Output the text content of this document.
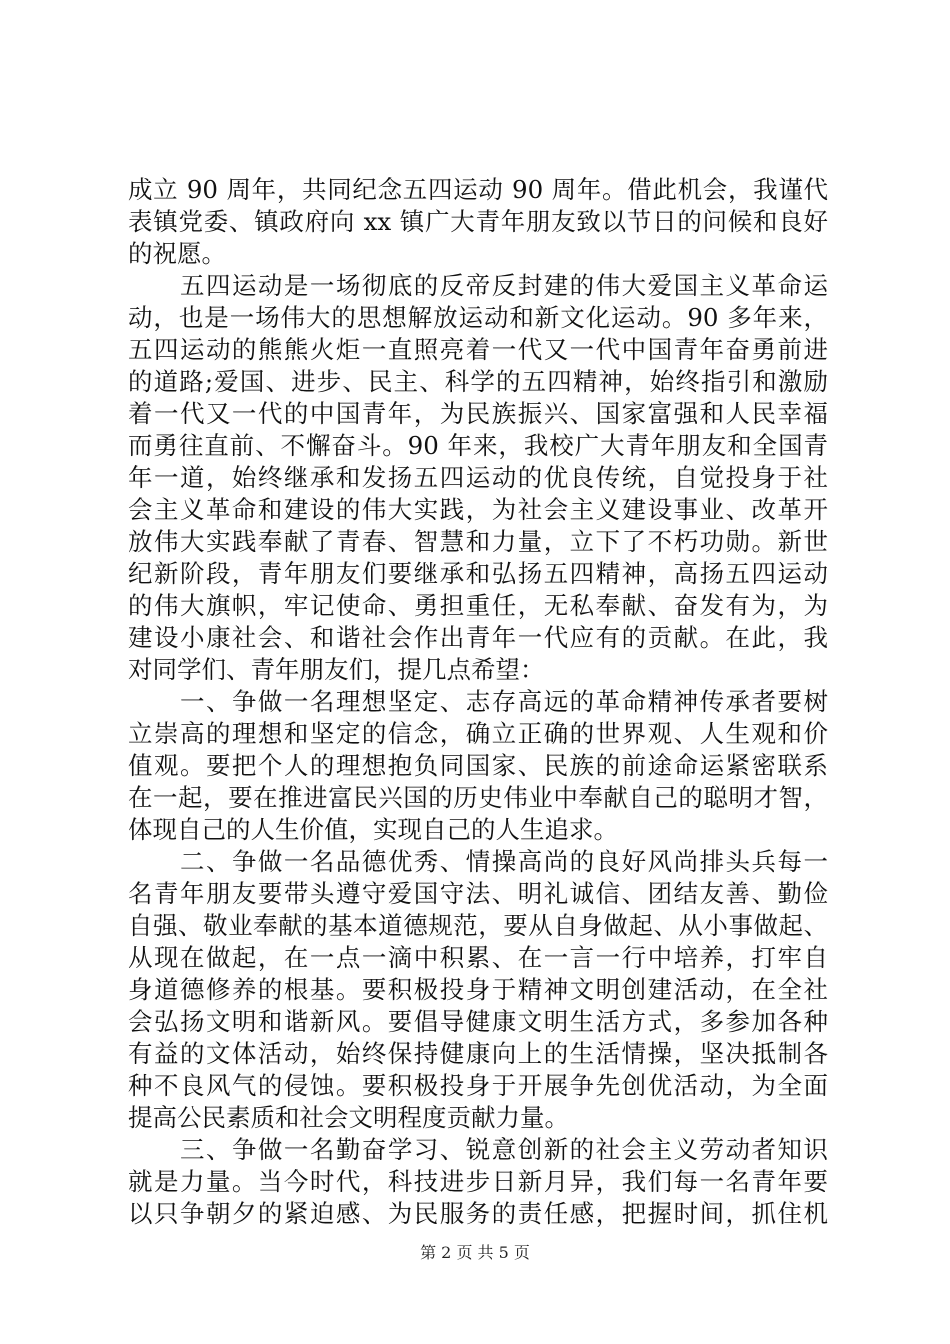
成立 90 周年，共同纪念五四运动 90 周年。借此机会，我谨代
表镇党委、镇政府向 xx 镇广大青年朋友致以节日的问候和良好
的祝愿。
五四运动是一场彻底的反帝反封建的伟大爱国主义革命运
动，也是一场伟大的思想解放运动和新文化运动。90 多年来，
五四运动的熊熊火炬一直照亮着一代又一代中国青年奋勇前进
的道路;爱国、进步、民主、科学的五四精神，始终指引和激励
着一代又一代的中国青年，为民族振兴、国家富强和人民幸福
而勇往直前、不懈奋斗。90 年来，我校广大青年朋友和全国青
年一道，始终继承和发扬五四运动的优良传统，自觉投身于社
会主义革命和建设的伟大实践，为社会主义建设事业、改革开
放伟大实践奉献了青春、智慧和力量，立下了不朽功勋。新世
纪新阶段，青年朋友们要继承和弘扬五四精神，高扬五四运动
的伟大旗帜，牢记使命、勇担重任，无私奉献、奋发有为，为
建设小康社会、和谐社会作出青年一代应有的贡献。在此，我
对同学们、青年朋友们，提几点希望：
一、争做一名理想坚定、志存高远的革命精神传承者要树
立崇高的理想和坚定的信念，确立正确的世界观、人生观和价
值观。要把个人的理想抱负同国家、民族的前途命运紧密联系
在一起，要在推进富民兴国的历史伟业中奉献自己的聪明才智，
体现自己的人生价值，实现自己的人生追求。
二、争做一名品德优秀、情操高尚的良好风尚排头兵每一
名青年朋友要带头遵守爱国守法、明礼诚信、团结友善、勤俭
自强、敬业奉献的基本道德规范，要从自身做起、从小事做起、
从现在做起，在一点一滴中积累、在一言一行中培养，打牢自
身道德修养的根基。要积极投身于精神文明创建活动，在全社
会弘扬文明和谐新风。要倡导健康文明生活方式，多参加各种
有益的文体活动，始终保持健康向上的生活情操，坚决抵制各
种不良风气的侵蚀。要积极投身于开展争先创优活动，为全面
提高公民素质和社会文明程度贡献力量。
三、争做一名勤奋学习、锐意创新的社会主义劳动者知识
就是力量。当今时代，科技进步日新月异，我们每一名青年要
以只争朝夕的紧迫感、为民服务的责任感，把握时间，抓住机
第 2 页 共 5 页
